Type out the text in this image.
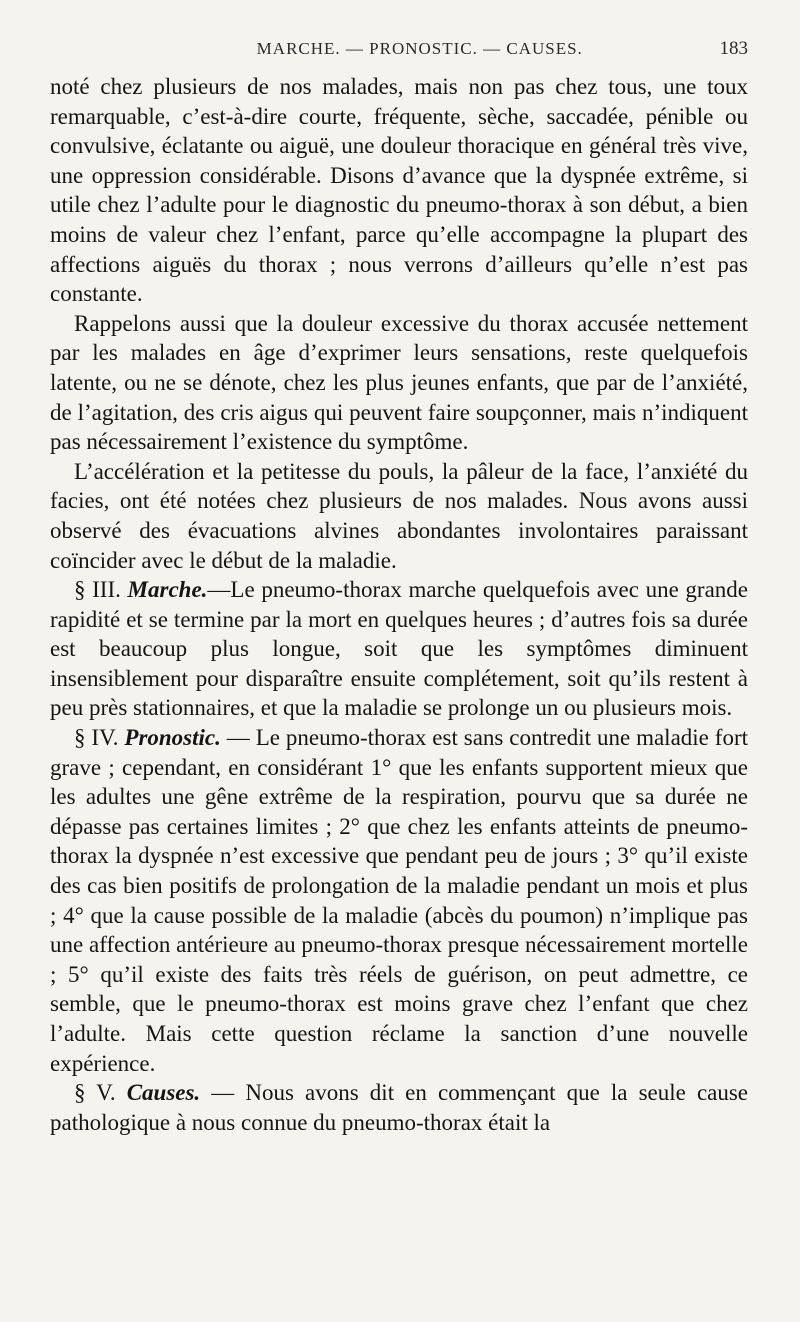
MARCHE. — PRONOSTIC. — CAUSES.	183

noté chez plusieurs de nos malades, mais non pas chez tous, une toux remarquable, c’est-à-dire courte, fréquente, sèche, saccadée, pénible ou convulsive, éclatante ou aiguë, une douleur thoracique en général très vive, une oppression considérable. Disons d’avance que la dyspnée extrême, si utile chez l’adulte pour le diagnostic du pneumo-thorax à son début, a bien moins de valeur chez l’enfant, parce qu’elle accompagne la plupart des affections aiguës du thorax ; nous verrons d’ailleurs qu’elle n’est pas constante.

Rappelons aussi que la douleur excessive du thorax accusée nettement par les malades en âge d’exprimer leurs sensations, reste quelquefois latente, ou ne se dénote, chez les plus jeunes enfants, que par de l’anxiété, de l’agitation, des cris aigus qui peuvent faire soupçonner, mais n’indiquent pas nécessairement l’existence du symptôme.

L’accélération et la petitesse du pouls, la pâleur de la face, l’anxiété du facies, ont été notées chez plusieurs de nos malades. Nous avons aussi observé des évacuations alvines abondantes involontaires paraissant coïncider avec le début de la maladie.

§ III. Marche.—Le pneumo-thorax marche quelquefois avec une grande rapidité et se termine par la mort en quelques heures ; d’autres fois sa durée est beaucoup plus longue, soit que les symptômes diminuent insensiblement pour disparaître ensuite complétement, soit qu’ils restent à peu près stationnaires, et que la maladie se prolonge un ou plusieurs mois.

§ IV. Pronostic. — Le pneumo-thorax est sans contredit une maladie fort grave ; cependant, en considérant 1° que les enfants supportent mieux que les adultes une gêne extrême de la respiration, pourvu que sa durée ne dépasse pas certaines limites ; 2° que chez les enfants atteints de pneumo-thorax la dyspnée n’est excessive que pendant peu de jours ; 3° qu’il existe des cas bien positifs de prolongation de la maladie pendant un mois et plus ; 4° que la cause possible de la maladie (abcès du poumon) n’implique pas une affection antérieure au pneumo-thorax presque nécessairement mortelle ; 5° qu’il existe des faits très réels de guérison, on peut admettre, ce semble, que le pneumo-thorax est moins grave chez l’enfant que chez l’adulte. Mais cette question réclame la sanction d’une nouvelle expérience.

§ V. Causes. — Nous avons dit en commençant que la seule cause pathologique à nous connue du pneumo-thorax était la
